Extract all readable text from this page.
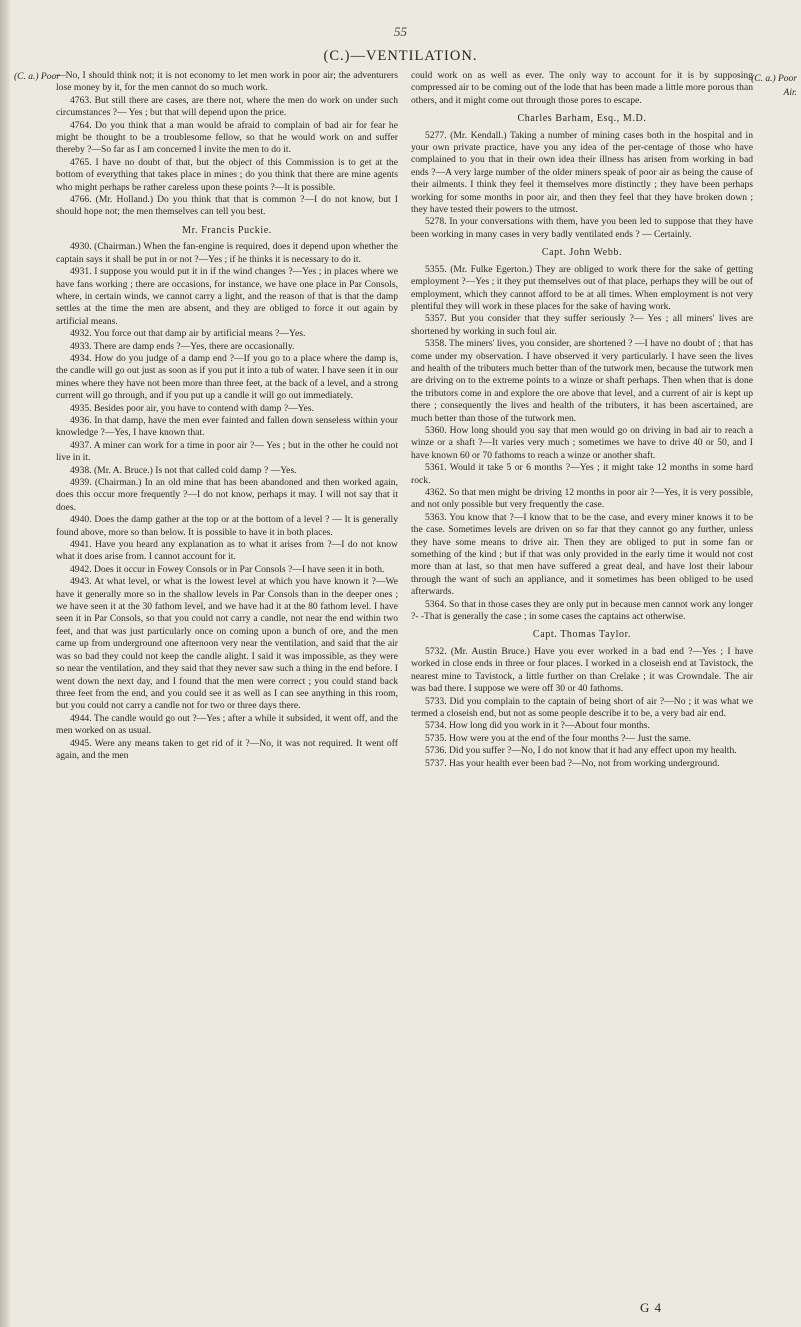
55
(C.)—VENTILATION.
(C. a.) Poor	(C. a.) Poor
Air.

—No, I should think not; it is not economy to let men work in poor air; the adventurers lose money by it, for the men cannot do so much work.

4763. But still there are cases, are there not, where the men do work on under such circumstances ?— Yes ; but that will depend upon the price.

4764. Do you think that a man would be afraid to complain of bad air for fear he might be thought to be a troublesome fellow, so that he would work on and suffer thereby ?—So far as I am concerned I invite the men to do it.

4765. I have no doubt of that, but the object of this Commission is to get at the bottom of everything that takes place in mines ; do you think that there are mine agents who might perhaps be rather careless upon these points ?—It is possible.

4766. (Mr. Holland.) Do you think that that is common ?—I do not know, but I should hope not; the men themselves can tell you best.

Mr. Francis Puckie.

4930. (Chairman.) When the fan-engine is required, does it depend upon whether the captain says it shall be put in or not ?—Yes ; if he thinks it is necessary to do it.

4931. I suppose you would put it in if the wind changes ?—Yes ; in places where we have fans working ; there are occasions, for instance, we have one place in Par Consols, where, in certain winds, we cannot carry a light, and the reason of that is that the damp settles at the time the men are absent, and they are obliged to force it out again by artificial means.

4932. You force out that damp air by artificial means ?—Yes.

4933. There are damp ends ?—Yes, there are occasionally.

4934. How do you judge of a damp end ?—If you go to a place where the damp is, the candle will go out just as soon as if you put it into a tub of water. I have seen it in our mines where they have not been more than three feet, at the back of a level, and a strong current will go through, and if you put up a candle it will go out immediately.

4935. Besides poor air, you have to contend with damp ?—Yes.

4936. In that damp, have the men ever fainted and fallen down senseless within your knowledge ?—Yes, I have known that.

4937. A miner can work for a time in poor air ?— Yes ; but in the other he could not live in it.

4938. (Mr. A. Bruce.) Is not that called cold damp ? —Yes.

4939. (Chairman.) In an old mine that has been abandoned and then worked again, does this occur more frequently ?—I do not know, perhaps it may. I will not say that it does.

4940. Does the damp gather at the top or at the bottom of a level ? — It is generally found above, more so than below. It is possible to have it in both places.

4941. Have you heard any explanation as to what it arises from ?—I do not know what it does arise from. I cannot account for it.

4942. Does it occur in Fowey Consols or in Par Consols ?—I have seen it in both.

4943. At what level, or what is the lowest level at which you have known it ?—We have it generally more so in the shallow levels in Par Consols than in the deeper ones ; we have seen it at the 30 fathom level, and we have had it at the 80 fathom level. I have seen it in Par Consols, so that you could not carry a candle, not near the end within two feet, and that was just particularly once on coming upon a bunch of ore, and the men came up from underground one afternoon very near the ventilation, and said that the air was so bad they could not keep the candle alight. I said it was impossible, as they were so near the ventilation, and they said that they never saw such a thing in the end before. I went down the next day, and I found that the men were correct ; you could stand back three feet from the end, and you could see it as well as I can see anything in this room, but you could not carry a candle not for two or three days there.

4944. The candle would go out ?—Yes ; after a while it subsided, it went off, and the men worked on as usual.

4945. Were any means taken to get rid of it ?—No, it was not required. It went off again, and the men

could work on as well as ever. The only way to account for it is by supposing compressed air to be coming out of the lode that has been made a little more porous than others, and it might come out through those pores to escape.

Charles Barham, Esq., M.D.

5277. (Mr. Kendall.) Taking a number of mining cases both in the hospital and in your own private practice, have you any idea of the per-centage of those who have complained to you that in their own idea their illness has arisen from working in bad ends ?—A very large number of the older miners speak of poor air as being the cause of their ailments. I think they feel it themselves more distinctly ; they have been perhaps working for some months in poor air, and then they feel that they have broken down ; they have tested their powers to the utmost.

5278. In your conversations with them, have you been led to suppose that they have been working in many cases in very badly ventilated ends ? — Certainly.

Capt. John Webb.

5355. (Mr. Fulke Egerton.) They are obliged to work there for the sake of getting employment ?—Yes ; it they put themselves out of that place, perhaps they will be out of employment, which they cannot afford to be at all times. When employment is not very plentiful they will work in these places for the sake of having work.

5357. But you consider that they suffer seriously ?— Yes ; all miners' lives are shortened by working in such foul air.

5358. The miners' lives, you consider, are shortened ? —I have no doubt of ; that has come under my observation. I have observed it very particularly. I have seen the lives and health of the tributers much better than of the tutwork men, because the tutwork men are driving on to the extreme points to a winze or shaft perhaps. Then when that is done the tributors come in and explore the ore above that level, and a current of air is kept up there ; consequently the lives and health of the tributers, it has been ascertained, are much better than those of the tutwork men.

5360. How long should you say that men would go on driving in bad air to reach a winze or a shaft ?—It varies very much ; sometimes we have to drive 40 or 50, and I have known 60 or 70 fathoms to reach a winze or another shaft.

5361. Would it take 5 or 6 months ?—Yes ; it might take 12 months in some hard rock.

4362. So that men might be driving 12 months in poor air ?—Yes, it is very possible, and not only possible but very frequently the case.

5363. You know that ?—I know that to be the case, and every miner knows it to be the case. Sometimes levels are driven on so far that they cannot go any further, unless they have some means to drive air. Then they are obliged to put in some fan or something of the kind ; but if that was only provided in the early time it would not cost more than at last, so that men have suffered a great deal, and have lost their labour through the want of such an appliance, and it sometimes has been obliged to be used afterwards.

5364. So that in those cases they are only put in because men cannot work any longer ?- -That is generally the case ; in some cases the captains act otherwise.

Capt. Thomas Taylor.

5732. (Mr. Austin Bruce.) Have you ever worked in a bad end ?—Yes ; I have worked in close ends in three or four places. I worked in a closeish end at Tavistock, the nearest mine to Tavistock, a little further on than Crelake ; it was Crowndale. The air was bad there. I suppose we were off 30 or 40 fathoms.

5733. Did you complain to the captain of being short of air ?—No ; it was what we termed a closeish end, but not as some people describe it to be, a very bad air end.

5734. How long did you work in it ?—About four months.

5735. How were you at the end of the four months ?— Just the same.

5736. Did you suffer ?—No, I do not know that it had any effect upon my health.

5737. Has your health ever been bad ?—No, not from working underground.

G 4
